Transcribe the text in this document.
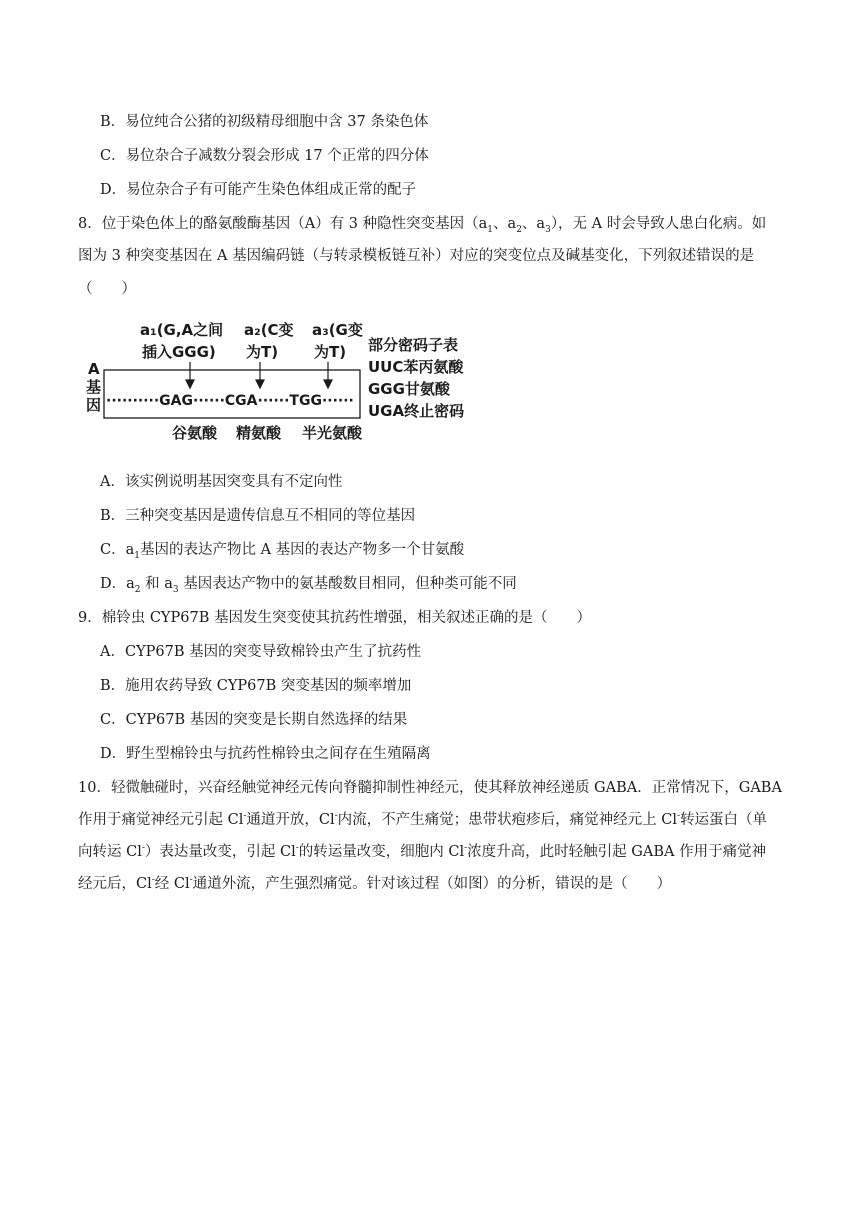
B．易位纯合公猪的初级精母细胞中含 37 条染色体
C．易位杂合子减数分裂会形成 17 个正常的四分体
D．易位杂合子有可能产生染色体组成正常的配子
8．位于染色体上的酪氨酸酶基因（A）有 3 种隐性突变基因（$a_1$、$a_2$、$a_3$），无 A 时会导致人患白化病。如
图为 3 种突变基因在 A 基因编码链（与转录模板链互补）对应的突变位点及碱基变化，下列叙述错误的是
（　　）
A
基
因
a₁(G,A之间
插入GGG)
a₂(C变
为T)
a₃(G变
为T)
··········GAG······CGA······TGG······
谷氨酸 精氨酸 半光氨酸
部分密码子表
UUC苯丙氨酸
GGG甘氨酸
UGA终止密码
A．该实例说明基因突变具有不定向性
B．三种突变基因是遗传信息互不相同的等位基因
C．$a_1$基因的表达产物比 A 基因的表达产物多一个甘氨酸
D．$a_2$ 和 $a_3$ 基因表达产物中的氨基酸数目相同，但种类可能不同
9．棉铃虫 CYP67B 基因发生突变使其抗药性增强，相关叙述正确的是（　　）
A．CYP67B 基因的突变导致棉铃虫产生了抗药性
B．施用农药导致 CYP67B 突变基因的频率增加
C．CYP67B 基因的突变是长期自然选择的结果
D．野生型棉铃虫与抗药性棉铃虫之间存在生殖隔离
10．轻微触碰时，兴奋经触觉神经元传向脊髓抑制性神经元，使其释放神经递质 GABA．正常情况下，GABA
作用于痛觉神经元引起 Cl-通道开放，Cl-内流，不产生痛觉；患带状疱疹后，痛觉神经元上 Cl-转运蛋白（单
向转运 Cl-）表达量改变，引起 Cl-的转运量改变，细胞内 Cl-浓度升高，此时轻触引起 GABA 作用于痛觉神
经元后，Cl-经 Cl-通道外流，产生强烈痛觉。针对该过程（如图）的分析，错误的是（　　）
